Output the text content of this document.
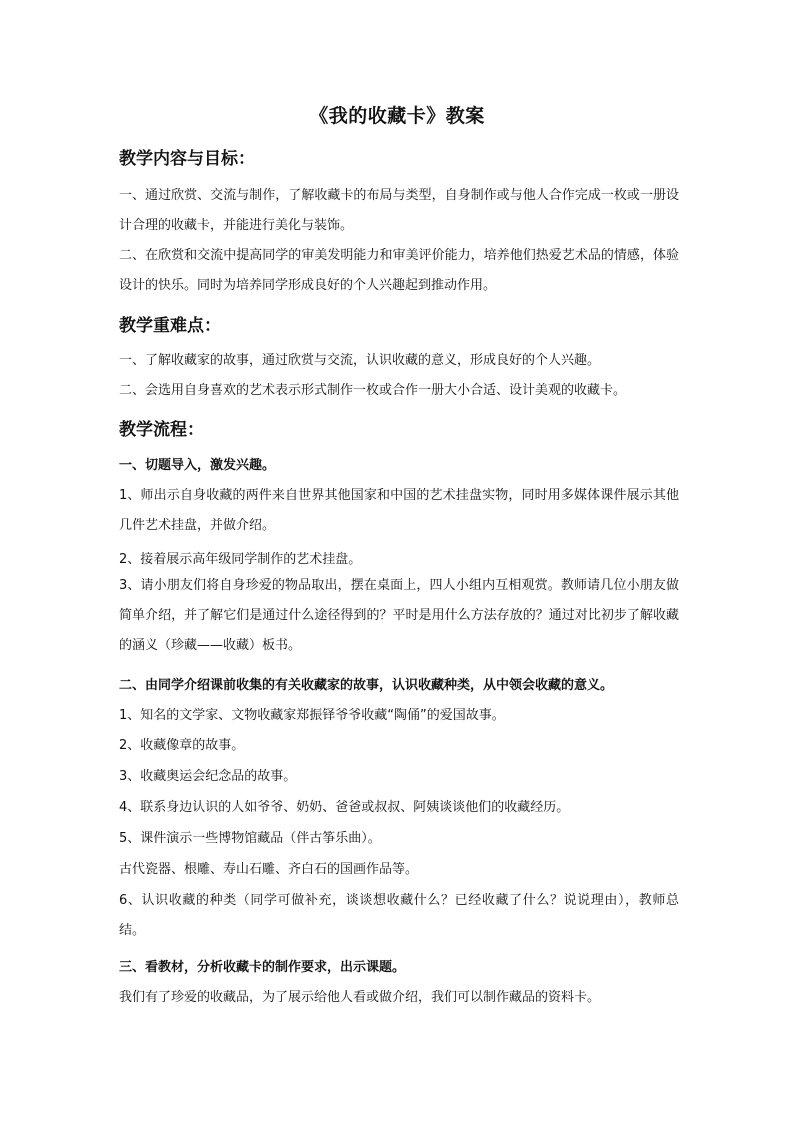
《我的收藏卡》教案
教学内容与目标：
一、通过欣赏、交流与制作，了解收藏卡的布局与类型，自身制作或与他人合作完成一枚或一册设计合理的收藏卡，并能进行美化与装饰。
二、在欣赏和交流中提高同学的审美发明能力和审美评价能力，培养他们热爱艺术品的情感，体验设计的快乐。同时为培养同学形成良好的个人兴趣起到推动作用。
教学重难点：
一、了解收藏家的故事，通过欣赏与交流，认识收藏的意义，形成良好的个人兴趣。
二、会选用自身喜欢的艺术表示形式制作一枚或合作一册大小合适、设计美观的收藏卡。
教学流程：
一、切题导入，激发兴趣。
1、师出示自身收藏的两件来自世界其他国家和中国的艺术挂盘实物，同时用多媒体课件展示其他几件艺术挂盘，并做介绍。
2、接着展示高年级同学制作的艺术挂盘。
3、请小朋友们将自身珍爱的物品取出，摆在桌面上，四人小组内互相观赏。教师请几位小朋友做简单介绍，并了解它们是通过什么途径得到的？平时是用什么方法存放的？通过对比初步了解收藏的涵义（珍藏——收藏）板书。
二、由同学介绍课前收集的有关收藏家的故事，认识收藏种类，从中领会收藏的意义。
1、知名的文学家、文物收藏家郑振铎爷爷收藏“陶俑”的爱国故事。
2、收藏像章的故事。
3、收藏奥运会纪念品的故事。
4、联系身边认识的人如爷爷、奶奶、爸爸或叔叔、阿姨谈谈他们的收藏经历。
5、课件演示一些博物馆藏品（伴古筝乐曲）。
古代瓷器、根雕、寿山石雕、齐白石的国画作品等。
6、认识收藏的种类（同学可做补充，谈谈想收藏什么？已经收藏了什么？说说理由），教师总结。
三、看教材，分析收藏卡的制作要求，出示课题。
我们有了珍爱的收藏品，为了展示给他人看或做介绍，我们可以制作藏品的资料卡。
